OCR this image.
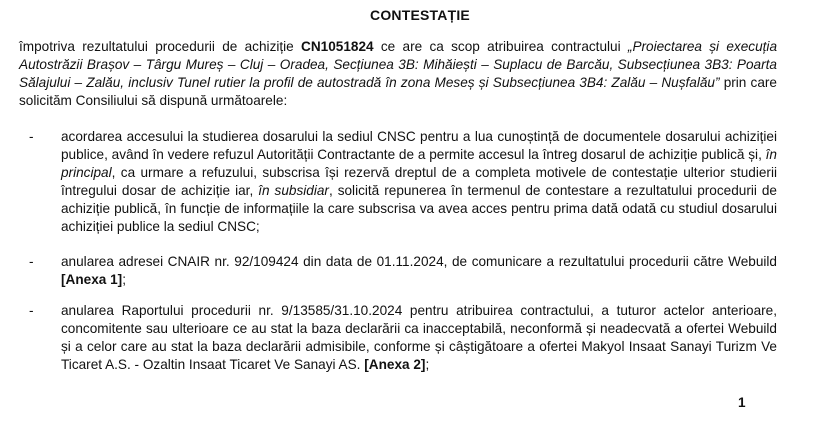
CONTESTAȚIE
împotriva rezultatului procedurii de achiziție CN1051824 ce are ca scop atribuirea contractului „Proiectarea și execuția Autostrăzii Brașov – Târgu Mureș – Cluj – Oradea, Secțiunea 3B: Mihăiești – Suplacu de Barcău, Subsecțiunea 3B3: Poarta Sălajului – Zalău, inclusiv Tunel rutier la profil de autostradă în zona Meseș și Subsecțiunea 3B4: Zalău – Nușfalău” prin care solicităm Consiliului să dispună următoarele:
- acordarea accesului la studierea dosarului la sediul CNSC pentru a lua cunoștință de documentele dosarului achiziției publice, având în vedere refuzul Autorității Contractante de a permite accesul la întreg dosarul de achiziție publică și, în principal, ca urmare a refuzului, subscrisa își rezervă dreptul de a completa motivele de contestație ulterior studierii întregului dosar de achiziție iar, în subsidiar, solicită repunerea în termenul de contestare a rezultatului procedurii de achiziție publică, în funcție de informațiile la care subscrisa va avea acces pentru prima dată odată cu studiul dosarului achiziției publice la sediul CNSC;
- anularea adresei CNAIR nr. 92/109424 din data de 01.11.2024, de comunicare a rezultatului procedurii către Webuild [Anexa 1];
- anularea Raportului procedurii nr. 9/13585/31.10.2024 pentru atribuirea contractului, a tuturor actelor anterioare, concomitente sau ulterioare ce au stat la baza declarării ca inacceptabilă, neconformă și neadecvată a ofertei Webuild și a celor care au stat la baza declarării admisibile, conforme și câștigătoare a ofertei Makyol Insaat Sanayi Turizm Ve Ticaret A.S. - Ozaltin Insaat Ticaret Ve Sanayi AS. [Anexa 2];
1
